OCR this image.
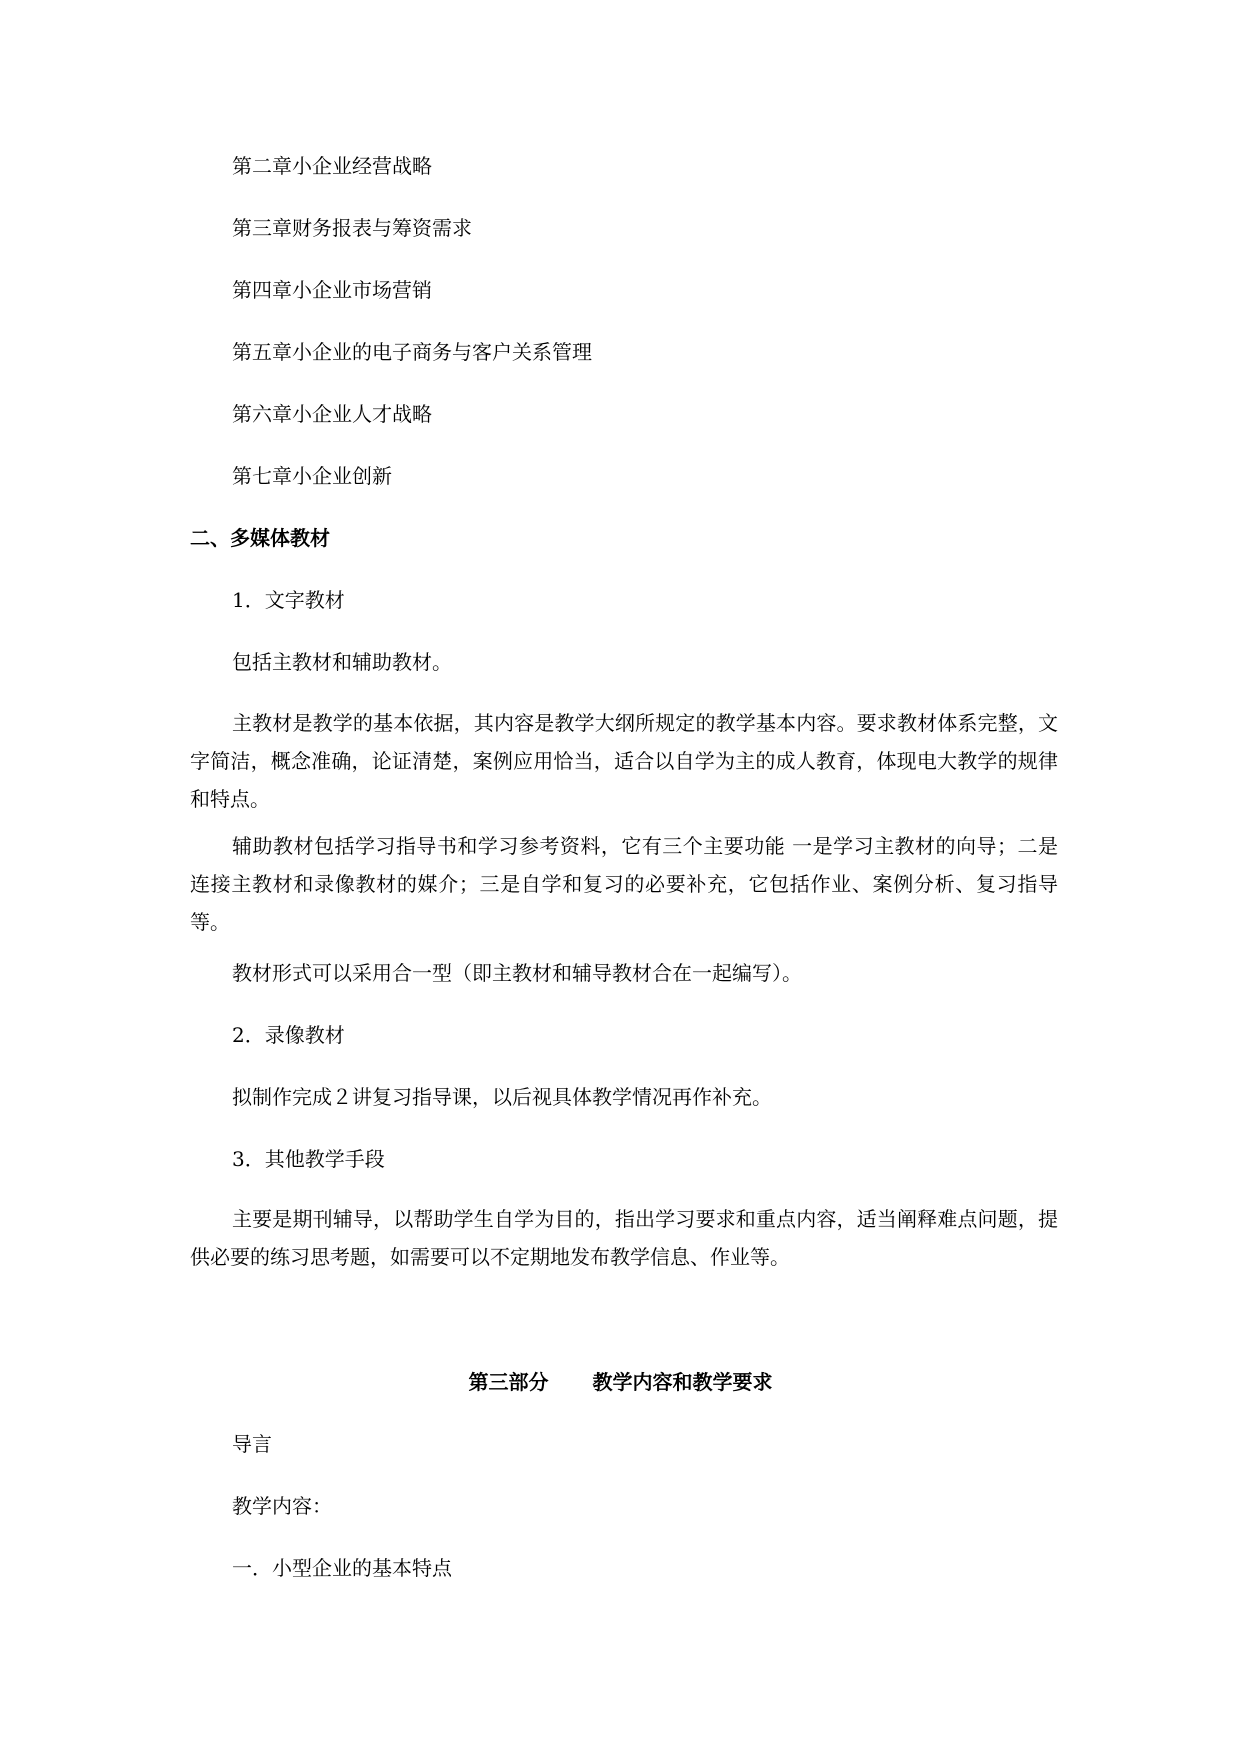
第二章小企业经营战略
第三章财务报表与筹资需求
第四章小企业市场营销
第五章小企业的电子商务与客户关系管理
第六章小企业人才战略
第七章小企业创新
二、多媒体教材
1．文字教材
包括主教材和辅助教材。
主教材是教学的基本依据，其内容是教学大纲所规定的教学基本内容。要求教材体系完整，文字简洁，概念准确，论证清楚，案例应用恰当，适合以自学为主的成人教育，体现电大教学的规律和特点。
辅助教材包括学习指导书和学习参考资料，它有三个主要功能 一是学习主教材的向导；二是连接主教材和录像教材的媒介；三是自学和复习的必要补充，它包括作业、案例分析、复习指导等。
教材形式可以采用合一型（即主教材和辅导教材合在一起编写）。
2．录像教材
拟制作完成２讲复习指导课，以后视具体教学情况再作补充。
3．其他教学手段
主要是期刊辅导，以帮助学生自学为目的，指出学习要求和重点内容，适当阐释难点问题，提供必要的练习思考题，如需要可以不定期地发布教学信息、作业等。
第三部分 教学内容和教学要求
导言
教学内容：
一．小型企业的基本特点
